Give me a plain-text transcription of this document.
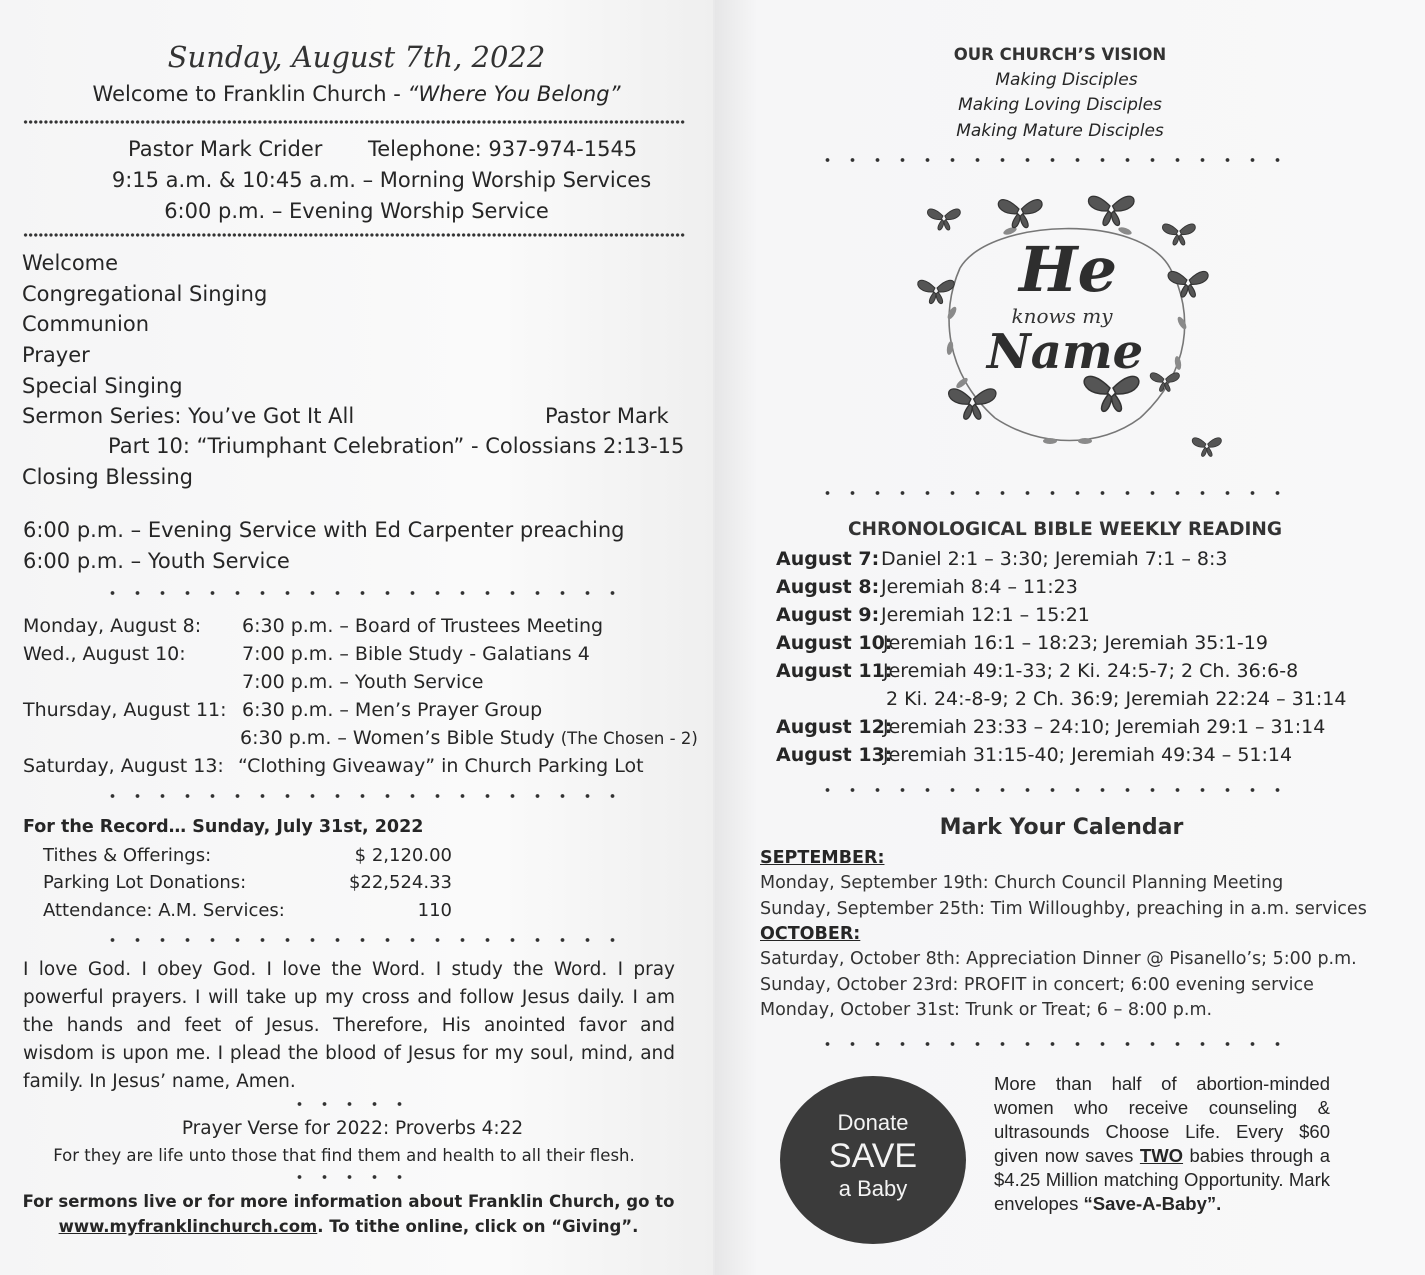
Sunday, August 7th, 2022
Welcome to Franklin Church - “Where You Belong”
Pastor Mark Crider Telephone: 937-974-1545
9:15 a.m. & 10:45 a.m. – Morning Worship Services
6:00 p.m. – Evening Worship Service
Welcome
Congregational Singing
Communion
Prayer
Special Singing
Sermon Series: You’ve Got It All	Pastor Mark
Part 10: “Triumphant Celebration” - Colossians 2:13-15
Closing Blessing
6:00 p.m. – Evening Service with Ed Carpenter preaching
6:00 p.m. – Youth Service
Monday, August 8: 6:30 p.m. – Board of Trustees Meeting
Wed., August 10:	7:00 p.m. – Bible Study - Galatians 4
7:00 p.m. – Youth Service
Thursday, August 11: 6:30 p.m. – Men’s Prayer Group
6:30 p.m. – Women’s Bible Study (The Chosen - 2)
Saturday, August 13: “Clothing Giveaway” in Church Parking Lot
For the Record… Sunday, July 31st, 2022
Tithes & Offerings:	$ 2,120.00
Parking Lot Donations:	$22,524.33
Attendance: A.M. Services:	110
I love God. I obey God. I love the Word. I study the Word. I pray powerful prayers. I will take up my cross and follow Jesus daily. I am the hands and feet of Jesus. Therefore, His anointed favor and wisdom is upon me. I plead the blood of Jesus for my soul, mind, and family. In Jesus’ name, Amen.
Prayer Verse for 2022: Proverbs 4:22
For they are life unto those that find them and health to all their flesh.
For sermons live or for more information about Franklin Church, go to
www.myfranklinchurch.com. To tithe online, click on “Giving”.
OUR CHURCH’S VISION
Making Disciples
Making Loving Disciples
Making Mature Disciples
He
knows my
Name
CHRONOLOGICAL BIBLE WEEKLY READING
August 7: Daniel 2:1 – 3:30; Jeremiah 7:1 – 8:3
August 8: Jeremiah 8:4 – 11:23
August 9: Jeremiah 12:1 – 15:21
August 10:
Jeremiah 16:1 – 18:23; Jeremiah 35:1-19
August 11:
Jeremiah 49:1-33; 2 Ki. 24:5-7; 2 Ch. 36:6-8
2 Ki. 24:-8-9; 2 Ch. 36:9; Jeremiah 22:24 – 31:14
August 12:
Jeremiah 23:33 – 24:10; Jeremiah 29:1 – 31:14
August 13:
Jeremiah 31:15-40; Jeremiah 49:34 – 51:14
Mark Your Calendar
SEPTEMBER:
Monday, September 19th: Church Council Planning Meeting
Sunday, September 25th: Tim Willoughby, preaching in a.m. services
OCTOBER:
Saturday, October 8th: Appreciation Dinner @ Pisanello’s; 5:00 p.m.
Sunday, October 23rd: PROFIT in concert; 6:00 evening service
Monday, October 31st: Trunk or Treat; 6 – 8:00 p.m.
Donate
SAVE
a Baby
More than half of abortion-minded women who receive counseling & ultrasounds Choose Life. Every $60 given now saves TWO babies through a $4.25 Million matching Opportunity. Mark envelopes “Save-A-Baby”.
